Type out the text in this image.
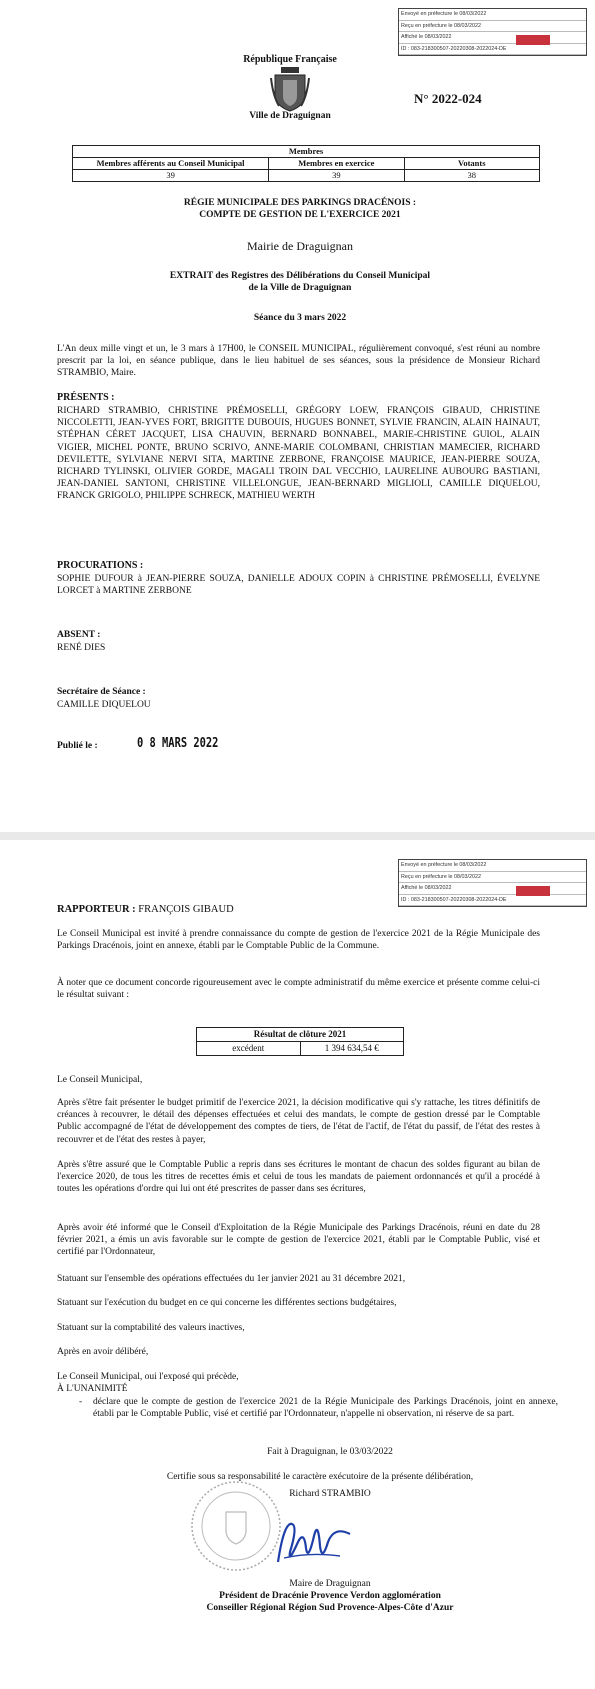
Envoyé en préfecture le 08/03/2022
Reçu en préfecture le 08/03/2022
Affiché le 08/03/2022
ID : 083-218300507-20220308-2022024-DE
République Française
Ville de Draguignan
N° 2022-024
Membres		
Membres afférents au Conseil Municipal	Membres en exercice	Votants
39	39	38
RÉGIE MUNICIPALE DES PARKINGS DRACÉNOIS :
COMPTE DE GESTION DE L'EXERCICE 2021
Mairie de Draguignan
EXTRAIT des Registres des Délibérations du Conseil Municipal
de la Ville de Draguignan
Séance du 3 mars 2022
L'An deux mille vingt et un, le 3 mars à 17H00, le CONSEIL MUNICIPAL, régulièrement convoqué, s'est réuni au nombre prescrit par la loi, en séance publique, dans le lieu habituel de ses séances, sous la présidence de Monsieur Richard STRAMBIO, Maire.
PRÉSENTS :
RICHARD STRAMBIO, CHRISTINE PRÉMOSELLI, GRÉGORY LOEW, FRANÇOIS GIBAUD, CHRISTINE NICCOLETTI, JEAN-YVES FORT, BRIGITTE DUBOUIS, HUGUES BONNET, SYLVIE FRANCIN, ALAIN HAINAUT, STÉPHAN CÉRET JACQUET, LISA CHAUVIN, BERNARD BONNABEL, MARIE-CHRISTINE GUIOL, ALAIN VIGIER, MICHEL PONTE, BRUNO SCRIVO, ANNE-MARIE COLOMBANI, CHRISTIAN MAMECIER, RICHARD DEVILETTE, SYLVIANE NERVI SITA, MARTINE ZERBONE, FRANÇOISE MAURICE, JEAN-PIERRE SOUZA, RICHARD TYLINSKI, OLIVIER GORDE, MAGALI TROIN DAL VECCHIO, LAURELINE AUBOURG BASTIANI, JEAN-DANIEL SANTONI, CHRISTINE VILLELONGUE, JEAN-BERNARD MIGLIOLI, CAMILLE DIQUELOU, FRANCK GRIGOLO, PHILIPPE SCHRECK, MATHIEU WERTH
PROCURATIONS :
SOPHIE DUFOUR à JEAN-PIERRE SOUZA, DANIELLE ADOUX COPIN à CHRISTINE PRÉMOSELLI, ÉVELYNE LORCET à MARTINE ZERBONE
ABSENT :
RENÉ DIES
Secrétaire de Séance :
CAMILLE DIQUELOU
Publié le :	0 8 MARS 2022
Envoyé en préfecture le 08/03/2022
Reçu en préfecture le 08/03/2022
Affiché le 08/03/2022
ID : 083-218300507-20220308-2022024-DE
RAPPORTEUR : FRANÇOIS GIBAUD
Le Conseil Municipal est invité à prendre connaissance du compte de gestion de l'exercice 2021 de la Régie Municipale des Parkings Dracénois, joint en annexe, établi par le Comptable Public de la Commune.
À noter que ce document concorde rigoureusement avec le compte administratif du même exercice et présente comme celui-ci le résultat suivant :
Résultat de clôture 2021
excédent	1 394 634,54 €
Le Conseil Municipal,
Après s'être fait présenter le budget primitif de l'exercice 2021, la décision modificative qui s'y rattache, les titres définitifs de créances à recouvrer, le détail des dépenses effectuées et celui des mandats, le compte de gestion dressé par le Comptable Public accompagné de l'état de développement des comptes de tiers, de l'état de l'actif, de l'état du passif, de l'état des restes à recouvrer et de l'état des restes à payer,
Après s'être assuré que le Comptable Public a repris dans ses écritures le montant de chacun des soldes figurant au bilan de l'exercice 2020, de tous les titres de recettes émis et celui de tous les mandats de paiement ordonnancés et qu'il a procédé à toutes les opérations d'ordre qui lui ont été prescrites de passer dans ses écritures,
Après avoir été informé que le Conseil d'Exploitation de la Régie Municipale des Parkings Dracénois, réuni en date du 28 février 2021, a émis un avis favorable sur le compte de gestion de l'exercice 2021, établi par le Comptable Public, visé et certifié par l'Ordonnateur,
Statuant sur l'ensemble des opérations effectuées du 1er janvier 2021 au 31 décembre 2021,
Statuant sur l'exécution du budget en ce qui concerne les différentes sections budgétaires,
Statuant sur la comptabilité des valeurs inactives,
Après en avoir délibéré,
Le Conseil Municipal, oui l'exposé qui précède,
À L'UNANIMITÉ
- déclare que le compte de gestion de l'exercice 2021 de la Régie Municipale des Parkings Dracénois, joint en annexe, établi par le Comptable Public, visé et certifié par l'Ordonnateur, n'appelle ni observation, ni réserve de sa part.
Fait à Draguignan, le 03/03/2022
Certifie sous sa responsabilité le caractère exécutoire de la présente délibération,
Richard STRAMBIO
Maire de Draguignan
Président de Dracénie Provence Verdon agglomération
Conseiller Régional Région Sud Provence-Alpes-Côte d'Azur
